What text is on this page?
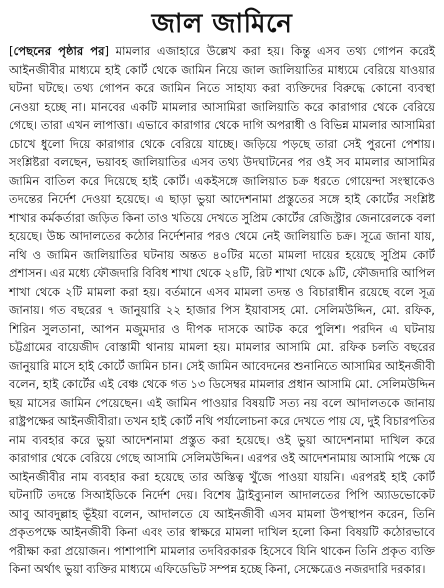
জাল জামিনে

[পেছনের পৃষ্ঠার পর] মামলার এজাহারে উল্লেখ করা হয়। কিন্তু এসব তথ্য গোপন করেই আইনজীবীর মাধ্যমে হাই কোর্ট থেকে জামিন নিয়ে জাল জালিয়াতির মাধ্যমে বেরিয়ে যাওয়ার ঘটনা ঘটছে। তথ্য গোপন করে জামিন নিতে সাহায্য করা ব্যক্তিদের বিরুদ্ধে কোনো ব্যবস্থা নেওয়া হচ্ছে না। মানবের একটি মামলার আসামিরা জালিয়াতি করে কারাগার থেকে বেরিয়ে গেছে। তারা এখন লাপাত্তা। এভাবে কারাগার থেকে দাগি অপরাধী ও বিভিন্ন মামলার আসামিরা চোখে ধুলো দিয়ে কারাগার থেকে বেরিয়ে যাচ্ছে। জড়িয়ে পড়ছে তারা সেই পুরনো পেশায়। সংশ্লিষ্টরা বলছেন, ভয়াবহ জালিয়াতির এসব তথ্য উদঘাটনের পর ওই সব মামলার আসামির জামিন বাতিল করে দিয়েছে হাই কোর্ট। একইসঙ্গে জালিয়াত চক্র ধরতে গোয়েন্দা সংস্থাকেও তদন্তের নির্দেশ দেওয়া হয়েছে। এ ছাড়া ভুয়া আদেশনামা প্রস্তুতের সঙ্গে হাই কোর্টের সংশ্লিষ্ট শাখার কর্মকর্তারা জড়িত কিনা তাও খতিয়ে দেখতে সুপ্রিম কোর্টের রেজিস্ট্রার জেনারেলকে বলা হয়েছে। উচ্চ আদালতের কঠোর নির্দেশনার পরও থেমে নেই জালিয়াতি চক্র। সূত্রে জানা যায়, নথি ও জামিন জালিয়াতির ঘটনায় অন্তত ৪০টির মতো মামলা দায়ের হয়েছে সুপ্রিম কোর্ট প্রশাসন। এর মধ্যে ফৌজদারি বিবিধ শাখা থেকে ২৪টি, রিট শাখা থেকে ৯টি, ফৌজদারি আপিল শাখা থেকে ২টি মামলা করা হয়। বর্তমানে এসব মামলা তদন্ত ও বিচারাধীন রয়েছে বলে সূত্র জানায়। গত বছরের ৭ জানুয়ারি ২২ হাজার পিস ইয়াবাসহ মো. সেলিমউদ্দিন, মো. রফিক, শিরিন সুলতানা, আপন মজুমদার ও দীপক দাসকে আটক করে পুলিশ। পরদিন এ ঘটনায় চট্টগ্রামের বায়েজীদ বোস্তামী থানায় মামলা হয়। মামলার আসামি মো. রফিক চলতি বছরের জানুয়ারি মাসে হাই কোর্টে জামিন চান। সেই জামিন আবেদনের শুনানিতে আসামির আইনজীবী বলেন, হাই কোর্টের এই বেঞ্চ থেকে গত ১৩ ডিসেম্বর মামলার প্রধান আসামি মো. সেলিমউদ্দিন ছয় মাসের জামিন পেয়েছেন। এই জামিন পাওয়ার বিষয়টি সত্য নয় বলে আদালতকে জানায় রাষ্ট্রপক্ষের আইনজীবীরা। তখন হাই কোর্ট নথি পর্যালোচনা করে দেখতে পায় যে, দুই বিচারপতির নাম ব্যবহার করে ভুয়া আদেশনামা প্রস্তুত করা হয়েছে। ওই ভুয়া আদেশনামা দাখিল করে কারাগার থেকে বেরিয়ে গেছে আসামি সেলিমউদ্দিন। এরপর ওই আদেশনামায় আসামি পক্ষে যে আইনজীবীর নাম ব্যবহার করা হয়েছে তার অস্তিত্ব খুঁজে পাওয়া যায়নি। এরপরই হাই কোর্ট ঘটনাটি তদন্তে সিআইডিকে নির্দেশ দেয়। বিশেষ ট্রাইব্যুনাল আদালতের পিপি অ্যাডভোকেট আবু আবদুল্লাহ ভূঁইয়া বলেন, আদালতে যে আইনজীবী এসব মামলা উপস্থাপন করেন, তিনি প্রকৃতপক্ষে আইনজীবী কিনা এবং তার স্বাক্ষরে মামলা দাখিল হলো কিনা বিষয়টি কঠোরভাবে পরীক্ষা করা প্রয়োজন। পাশাপাশি মামলার তদবিরকারক হিসেবে যিনি থাকেন তিনি প্রকৃত ব্যক্তি কিনা অর্থাৎ ভুয়া ব্যক্তির মাধ্যমে এফিডেভিট সম্পন্ন হচ্ছে কিনা, সেক্ষেত্রেও নজরদারি দরকার।
